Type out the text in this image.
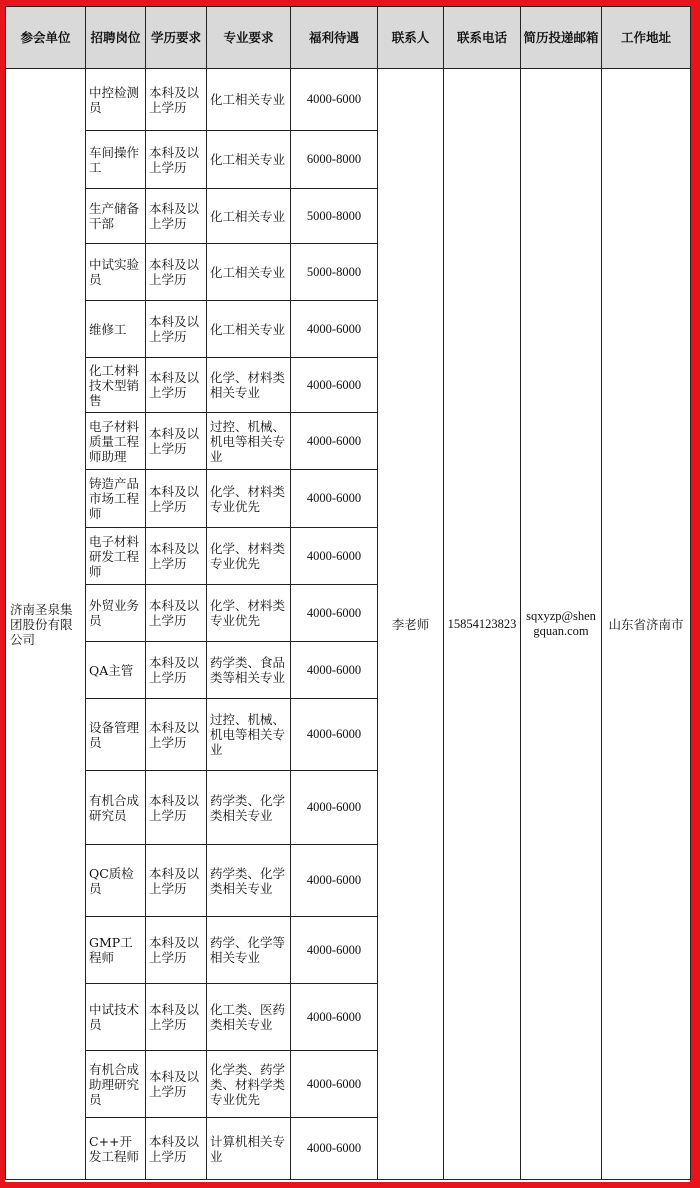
参会单位	招聘岗位	学历要求	专业要求	福利待遇	联系人	联系电话	简历投递邮箱	工作地址
济南圣泉集团股份有限公司	中控检测员	本科及以上学历	化工相关专业	4000-6000	李老师	15854123823	sqxyzp@shengquan.com	山东省济南市
	车间操作工	本科及以上学历	化工相关专业	6000-8000				
	生产储备干部	本科及以上学历	化工相关专业	5000-8000				
	中试实验员	本科及以上学历	化工相关专业	5000-8000				
	维修工	本科及以上学历	化工相关专业	4000-6000				
	化工材料技术型销售	本科及以上学历	化学、材料类相关专业	4000-6000				
	电子材料质量工程师助理	本科及以上学历	过控、机械、机电等相关专业	4000-6000				
	铸造产品市场工程师	本科及以上学历	化学、材料类专业优先	4000-6000				
	电子材料研发工程师	本科及以上学历	化学、材料类专业优先	4000-6000				
	外贸业务员	本科及以上学历	化学、材料类专业优先	4000-6000				
	QA主管	本科及以上学历	药学类、食品类等相关专业	4000-6000				
	设备管理员	本科及以上学历	过控、机械、机电等相关专业	4000-6000				
	有机合成研究员	本科及以上学历	药学类、化学类相关专业	4000-6000				
	QC质检员	本科及以上学历	药学类、化学类相关专业	4000-6000				
	GMP工程师	本科及以上学历	药学、化学等相关专业	4000-6000				
	中试技术员	本科及以上学历	化工类、医药类相关专业	4000-6000				
	有机合成助理研究员	本科及以上学历	化学类、药学类、材料学类专业优先	4000-6000				
	C++开发工程师	本科及以上学历	计算机相关专业	4000-6000				
